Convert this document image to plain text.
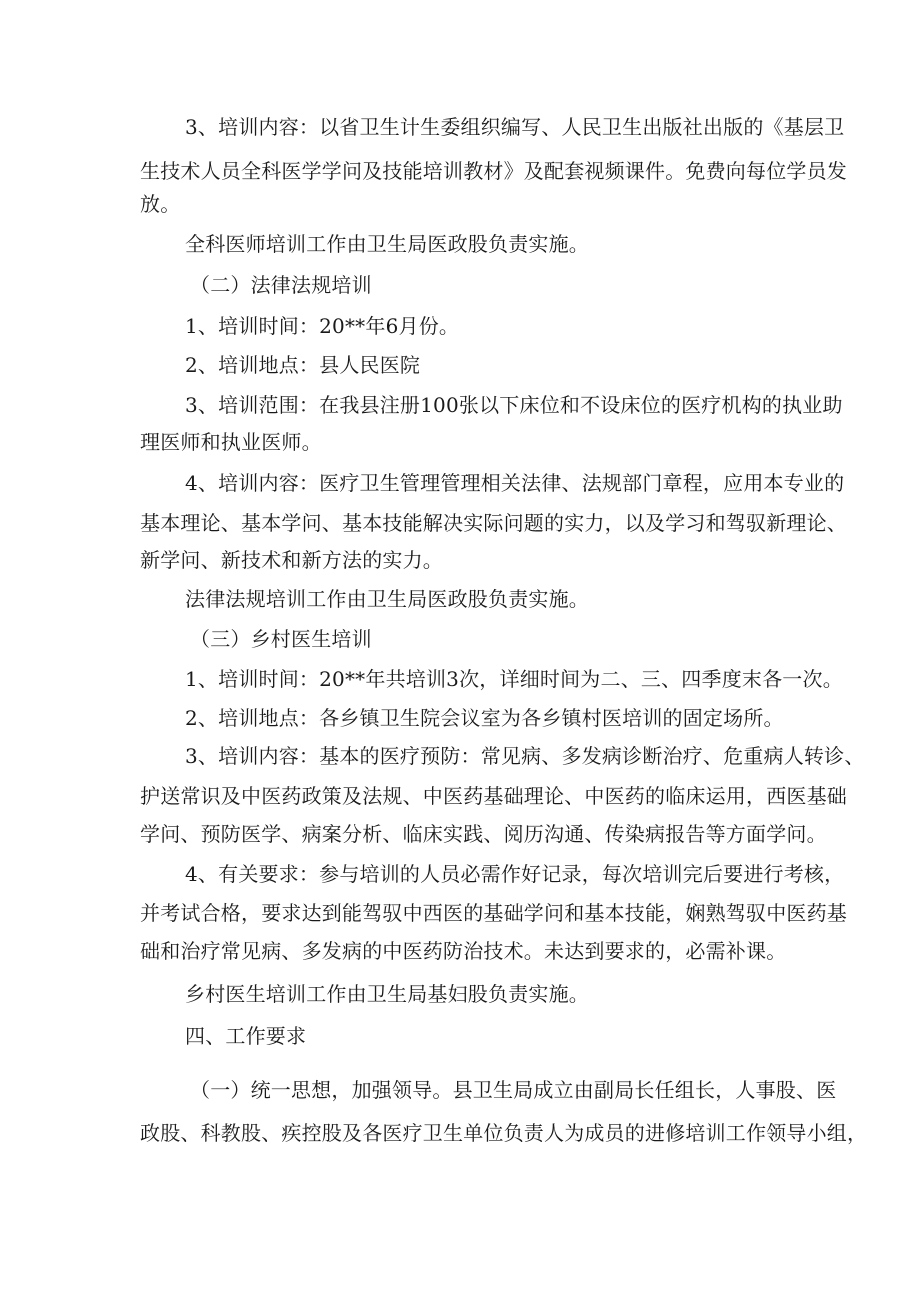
3、培训内容：以省卫生计生委组织编写、人民卫生出版社出版的《基层卫
生技术人员全科医学学问及技能培训教材》及配套视频课件。免费向每位学员发
放。
全科医师培训工作由卫生局医政股负责实施。
（二）法律法规培训
1、培训时间：20**年6月份。
2、培训地点：县人民医院
3、培训范围：在我县注册100张以下床位和不设床位的医疗机构的执业助
理医师和执业医师。
4、培训内容：医疗卫生管理管理相关法律、法规部门章程，应用本专业的
基本理论、基本学问、基本技能解决实际问题的实力，以及学习和驾驭新理论、
新学问、新技术和新方法的实力。
法律法规培训工作由卫生局医政股负责实施。
（三）乡村医生培训
1、培训时间：20**年共培训3次，详细时间为二、三、四季度末各一次。
2、培训地点：各乡镇卫生院会议室为各乡镇村医培训的固定场所。
3、培训内容：基本的医疗预防：常见病、多发病诊断治疗、危重病人转诊、
护送常识及中医药政策及法规、中医药基础理论、中医药的临床运用，西医基础
学问、预防医学、病案分析、临床实践、阅历沟通、传染病报告等方面学问。
4、有关要求：参与培训的人员必需作好记录，每次培训完后要进行考核，
并考试合格，要求达到能驾驭中西医的基础学问和基本技能，娴熟驾驭中医药基
础和治疗常见病、多发病的中医药防治技术。未达到要求的，必需补课。
乡村医生培训工作由卫生局基妇股负责实施。
四、工作要求
（一）统一思想，加强领导。县卫生局成立由副局长任组长，人事股、医
政股、科教股、疾控股及各医疗卫生单位负责人为成员的进修培训工作领导小组，
